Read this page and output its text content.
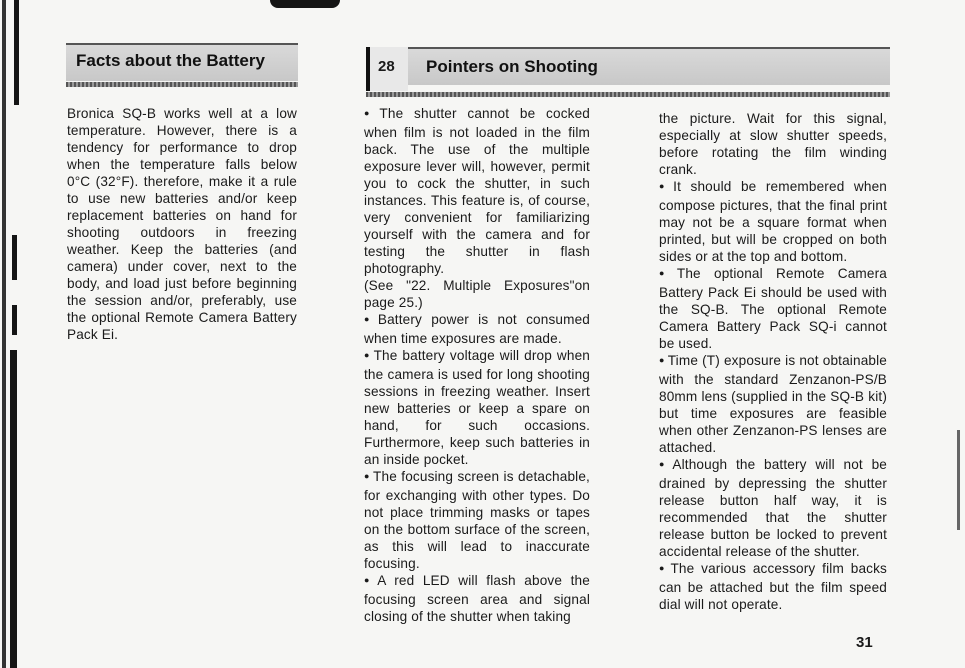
Facts about the Battery	Pointers on Shooting
28

Bronica SQ-B works well at a low temperature. However, there is a tendency for performance to drop when the temperature falls below 0°C (32°F). therefore, make it a rule to use new batteries and/or keep replacement batteries on hand for shooting outdoors in freezing weather. Keep the batteries (and camera) under cover, next to the body, and load just before beginning the session and/or, preferably, use the optional Remote Camera Battery Pack Ei.

● The shutter cannot be cocked when film is not loaded in the film back. The use of the multiple exposure lever will, however, permit you to cock the shutter, in such instances. This feature is, of course, very convenient for familiarizing yourself with the camera and for testing the shutter in flash photography.

(See "22. Multiple Exposures"on page 25.)

● Battery power is not consumed when time exposures are made.

● The battery voltage will drop when the camera is used for long shooting sessions in freezing weather. Insert new batteries or keep a spare on hand, for such occasions. Furthermore, keep such batteries in an inside pocket.

● The focusing screen is detachable, for exchanging with other types. Do not place trimming masks or tapes on the bottom surface of the screen, as this will lead to inaccurate focusing.

● A red LED will flash above the focusing screen area and signal closing of the shutter when taking

the picture. Wait for this signal, especially at slow shutter speeds, before rotating the film winding crank.

● It should be remembered when compose pictures, that the final print may not be a square format when printed, but will be cropped on both sides or at the top and bottom.

● The optional Remote Camera Battery Pack Ei should be used with the SQ-B. The optional Remote Camera Battery Pack SQ-i cannot be used.

● Time (T) exposure is not obtainable with the standard Zenzanon-PS/B 80mm lens (supplied in the SQ-B kit) but time exposures are feasible when other Zenzanon-PS lenses are attached.

● Although the battery will not be drained by depressing the shutter release button half way, it is recommended that the shutter release button be locked to prevent accidental release of the shutter.

● The various accessory film backs can be attached but the film speed dial will not operate.

31
